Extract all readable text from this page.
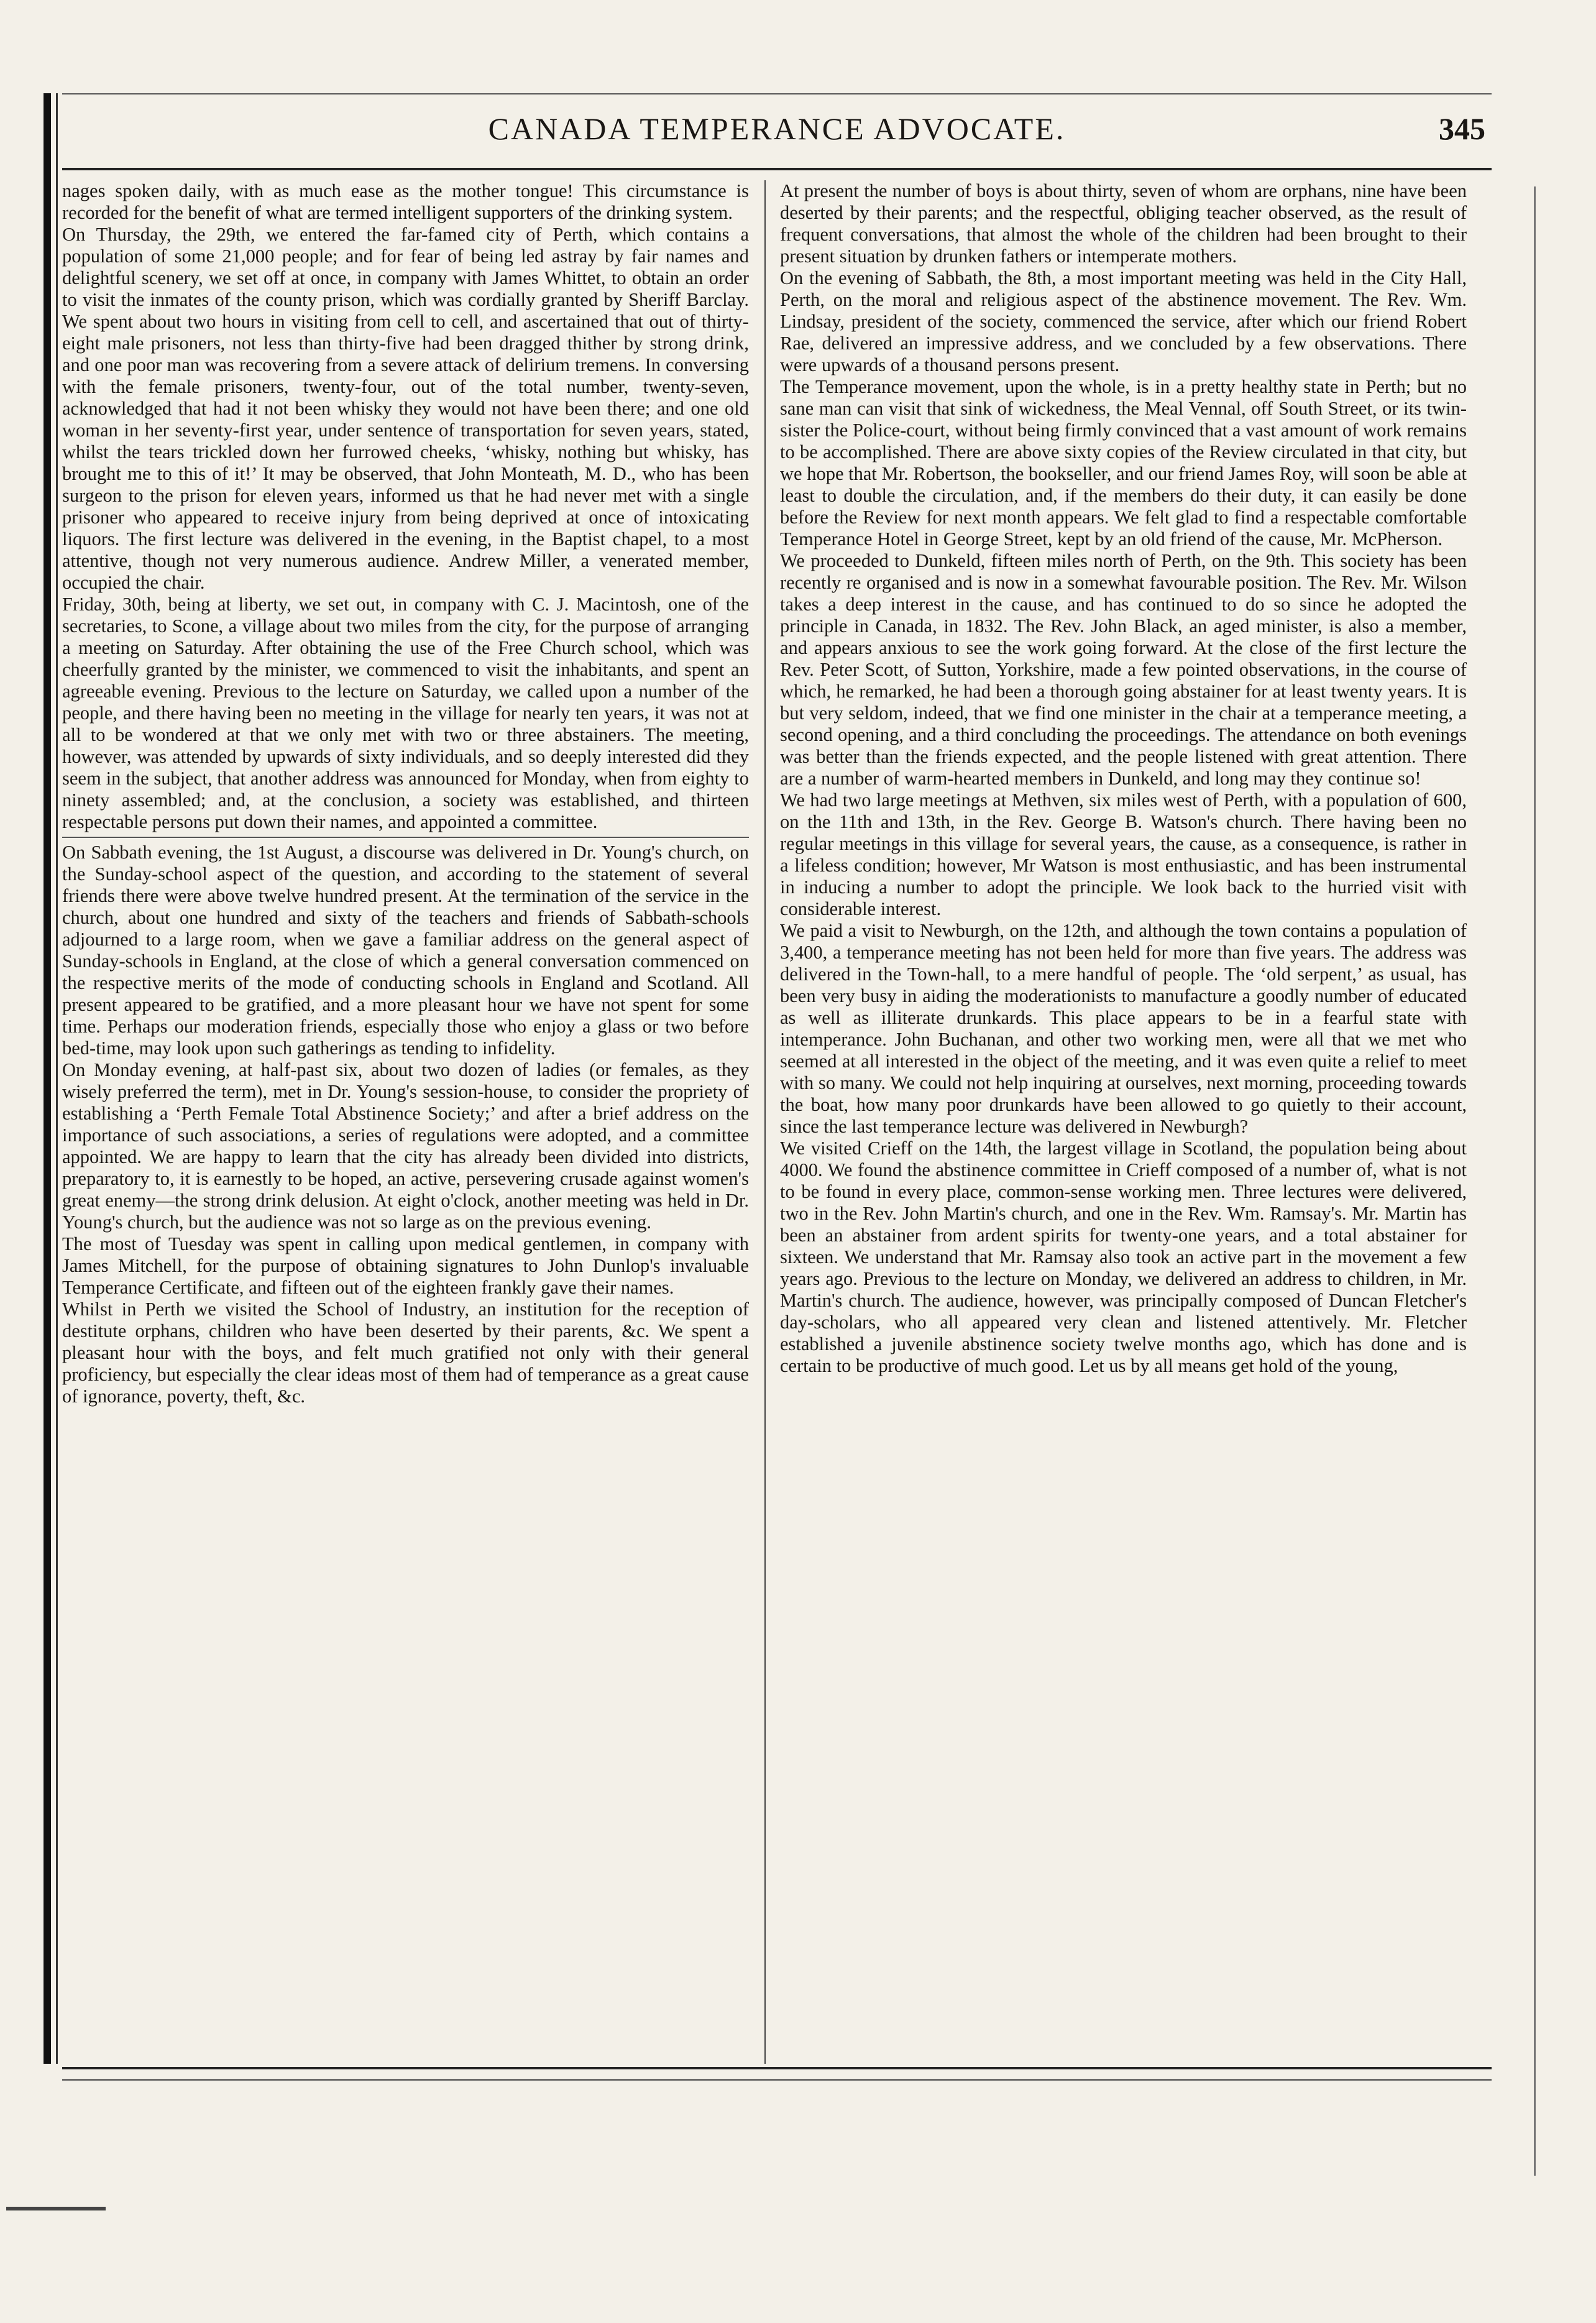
CANADA TEMPERANCE ADVOCATE.	345

nages spoken daily, with as much ease as the mother tongue! This circumstance is recorded for the benefit of what are termed intelligent supporters of the drinking system.

On Thursday, the 29th, we entered the far-famed city of Perth, which contains a population of some 21,000 people; and for fear of being led astray by fair names and delightful scenery, we set off at once, in company with James Whittet, to obtain an order to visit the inmates of the county prison, which was cordially granted by Sheriff Barclay. We spent about two hours in visiting from cell to cell, and ascertained that out of thirty-eight male prisoners, not less than thirty-five had been dragged thither by strong drink, and one poor man was recovering from a severe attack of delirium tremens. In conversing with the female prisoners, twenty-four, out of the total number, twenty-seven, acknowledged that had it not been whisky they would not have been there; and one old woman in her seventy-first year, under sentence of transportation for seven years, stated, whilst the tears trickled down her furrowed cheeks, ‘whisky, nothing but whisky, has brought me to this of it!’ It may be observed, that John Monteath, M. D., who has been surgeon to the prison for eleven years, informed us that he had never met with a single prisoner who appeared to receive injury from being deprived at once of intoxicating liquors. The first lecture was delivered in the evening, in the Baptist chapel, to a most attentive, though not very numerous audience. Andrew Miller, a venerated member, occupied the chair.

Friday, 30th, being at liberty, we set out, in company with C. J. Macintosh, one of the secretaries, to Scone, a village about two miles from the city, for the purpose of arranging a meeting on Saturday. After obtaining the use of the Free Church school, which was cheerfully granted by the minister, we commenced to visit the inhabitants, and spent an agreeable evening. Previous to the lecture on Saturday, we called upon a number of the people, and there having been no meeting in the village for nearly ten years, it was not at all to be wondered at that we only met with two or three abstainers. The meeting, however, was attended by upwards of sixty individuals, and so deeply interested did they seem in the subject, that another address was announced for Monday, when from eighty to ninety assembled; and, at the conclusion, a society was established, and thirteen respectable persons put down their names, and appointed a committee.

On Sabbath evening, the 1st August, a discourse was delivered in Dr. Young's church, on the Sunday-school aspect of the question, and according to the statement of several friends there were above twelve hundred present. At the termination of the service in the church, about one hundred and sixty of the teachers and friends of Sabbath-schools adjourned to a large room, when we gave a familiar address on the general aspect of Sunday-schools in England, at the close of which a general conversation commenced on the respective merits of the mode of conducting schools in England and Scotland. All present appeared to be gratified, and a more pleasant hour we have not spent for some time. Perhaps our moderation friends, especially those who enjoy a glass or two before bed-time, may look upon such gatherings as tending to infidelity.

On Monday evening, at half-past six, about two dozen of ladies (or females, as they wisely preferred the term), met in Dr. Young's session-house, to consider the propriety of establishing a ‘Perth Female Total Abstinence Society;’ and after a brief address on the importance of such associations, a series of regulations were adopted, and a committee appointed. We are happy to learn that the city has already been divided into districts, preparatory to, it is earnestly to be hoped, an active, persevering crusade against women's great enemy—the strong drink delusion. At eight o'clock, another meeting was held in Dr. Young's church, but the audience was not so large as on the previous evening.

The most of Tuesday was spent in calling upon medical gentlemen, in company with James Mitchell, for the purpose of obtaining signatures to John Dunlop's invaluable Temperance Certificate, and fifteen out of the eighteen frankly gave their names.

Whilst in Perth we visited the School of Industry, an institution for the reception of destitute orphans, children who have been deserted by their parents, &c. We spent a pleasant hour with the boys, and felt much gratified not only with their general proficiency, but especially the clear ideas most of them had of temperance as a great cause of ignorance, poverty, theft, &c.

At present the number of boys is about thirty, seven of whom are orphans, nine have been deserted by their parents; and the respectful, obliging teacher observed, as the result of frequent conversations, that almost the whole of the children had been brought to their present situation by drunken fathers or intemperate mothers.

On the evening of Sabbath, the 8th, a most important meeting was held in the City Hall, Perth, on the moral and religious aspect of the abstinence movement. The Rev. Wm. Lindsay, president of the society, commenced the service, after which our friend Robert Rae, delivered an impressive address, and we concluded by a few observations. There were upwards of a thousand persons present.

The Temperance movement, upon the whole, is in a pretty healthy state in Perth; but no sane man can visit that sink of wickedness, the Meal Vennal, off South Street, or its twin-sister the Police-court, without being firmly convinced that a vast amount of work remains to be accomplished. There are above sixty copies of the Review circulated in that city, but we hope that Mr. Robertson, the bookseller, and our friend James Roy, will soon be able at least to double the circulation, and, if the members do their duty, it can easily be done before the Review for next month appears. We felt glad to find a respectable comfortable Temperance Hotel in George Street, kept by an old friend of the cause, Mr. McPherson.

We proceeded to Dunkeld, fifteen miles north of Perth, on the 9th. This society has been recently re organised and is now in a somewhat favourable position. The Rev. Mr. Wilson takes a deep interest in the cause, and has continued to do so since he adopted the principle in Canada, in 1832. The Rev. John Black, an aged minister, is also a member, and appears anxious to see the work going forward. At the close of the first lecture the Rev. Peter Scott, of Sutton, Yorkshire, made a few pointed observations, in the course of which, he remarked, he had been a thorough going abstainer for at least twenty years. It is but very seldom, indeed, that we find one minister in the chair at a temperance meeting, a second opening, and a third concluding the proceedings. The attendance on both evenings was better than the friends expected, and the people listened with great attention. There are a number of warm-hearted members in Dunkeld, and long may they continue so!

We had two large meetings at Methven, six miles west of Perth, with a population of 600, on the 11th and 13th, in the Rev. George B. Watson's church. There having been no regular meetings in this village for several years, the cause, as a consequence, is rather in a lifeless condition; however, Mr Watson is most enthusiastic, and has been instrumental in inducing a number to adopt the principle. We look back to the hurried visit with considerable interest.

We paid a visit to Newburgh, on the 12th, and although the town contains a population of 3,400, a temperance meeting has not been held for more than five years. The address was delivered in the Town-hall, to a mere handful of people. The ‘old serpent,’ as usual, has been very busy in aiding the moderationists to manufacture a goodly number of educated as well as illiterate drunkards. This place appears to be in a fearful state with intemperance. John Buchanan, and other two working men, were all that we met who seemed at all interested in the object of the meeting, and it was even quite a relief to meet with so many. We could not help inquiring at ourselves, next morning, proceeding towards the boat, how many poor drunkards have been allowed to go quietly to their account, since the last temperance lecture was delivered in Newburgh?

We visited Crieff on the 14th, the largest village in Scotland, the population being about 4000. We found the abstinence committee in Crieff composed of a number of, what is not to be found in every place, common-sense working men. Three lectures were delivered, two in the Rev. John Martin's church, and one in the Rev. Wm. Ramsay's. Mr. Martin has been an abstainer from ardent spirits for twenty-one years, and a total abstainer for sixteen. We understand that Mr. Ramsay also took an active part in the movement a few years ago. Previous to the lecture on Monday, we delivered an address to children, in Mr. Martin's church. The audience, however, was principally composed of Duncan Fletcher's day-scholars, who all appeared very clean and listened attentively. Mr. Fletcher established a juvenile abstinence society twelve months ago, which has done and is certain to be productive of much good. Let us by all means get hold of the young,
